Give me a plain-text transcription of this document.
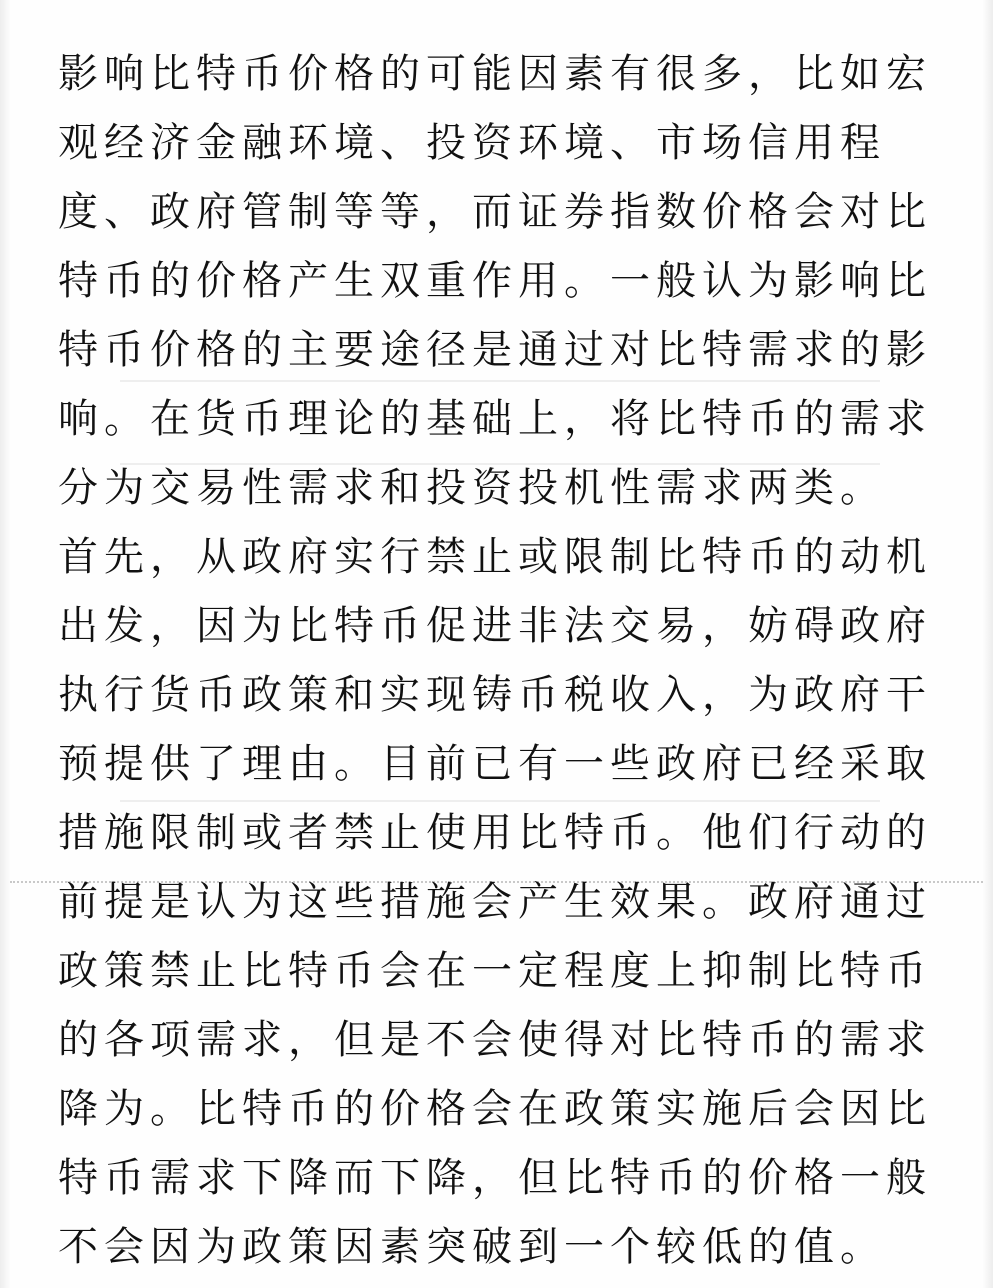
影响比特币价格的可能因素有很多，比如宏
观经济金融环境、投资环境、市场信用程
度、政府管制等等，而证券指数价格会对比
特币的价格产生双重作用。一般认为影响比
特币价格的主要途径是通过对比特需求的影
响。在货币理论的基础上，将比特币的需求
分为交易性需求和投资投机性需求两类。
首先，从政府实行禁止或限制比特币的动机
出发，因为比特币促进非法交易，妨碍政府
执行货币政策和实现铸币税收入，为政府干
预提供了理由。目前已有一些政府已经采取
措施限制或者禁止使用比特币。他们行动的
前提是认为这些措施会产生效果。政府通过
政策禁止比特币会在一定程度上抑制比特币
的各项需求，但是不会使得对比特币的需求
降为。比特币的价格会在政策实施后会因比
特币需求下降而下降，但比特币的价格一般
不会因为政策因素突破到一个较低的值。
